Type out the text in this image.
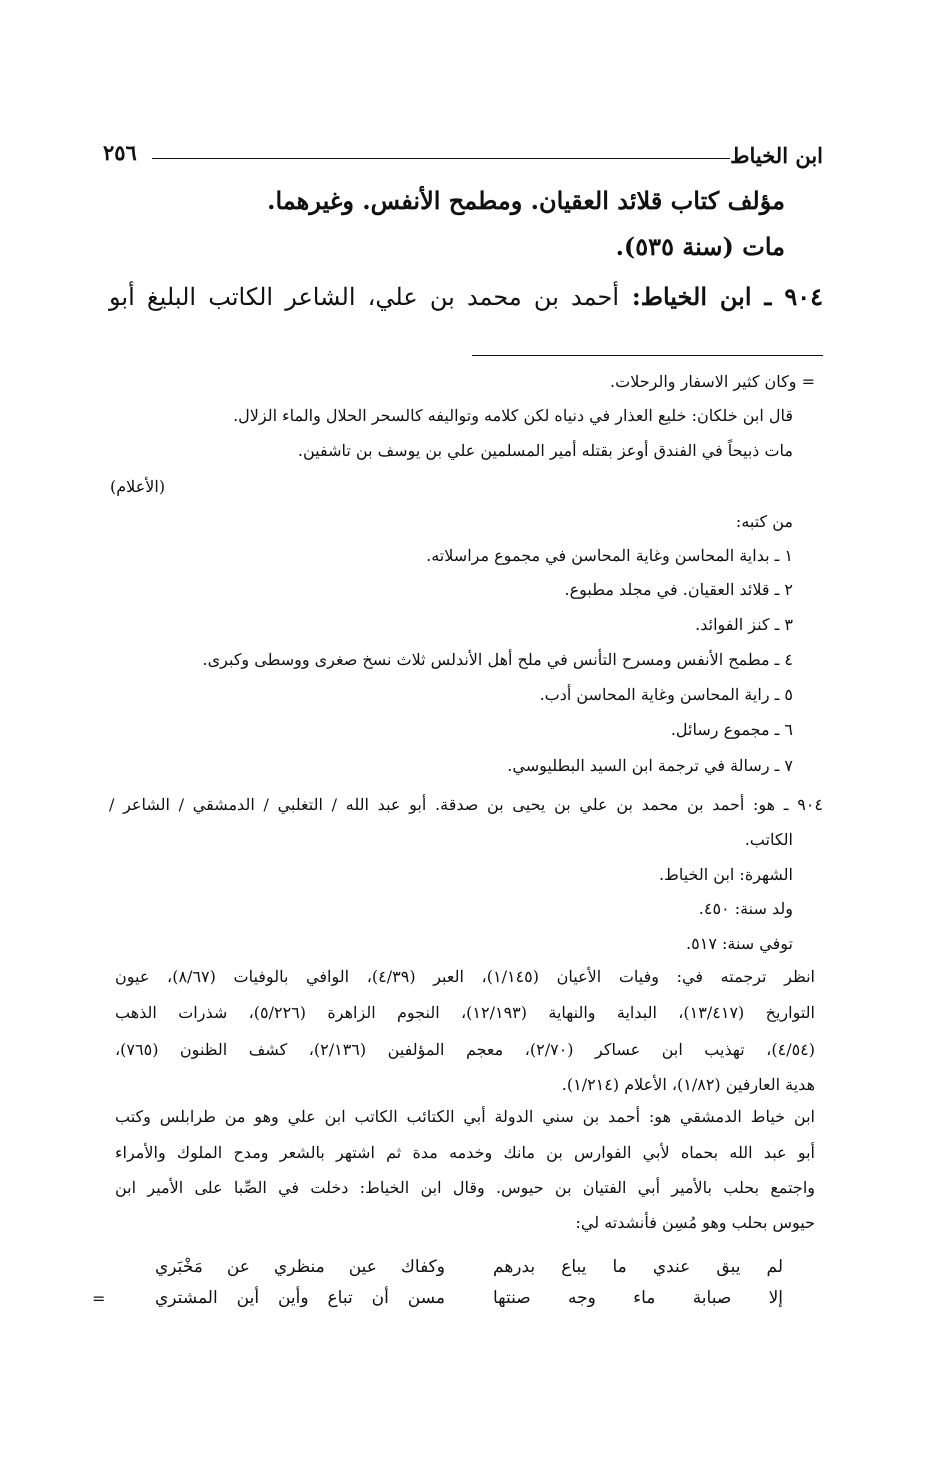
ابن الخياط
٢٥٦
مؤلف كتاب قلائد العقيان. ومطمح الأنفس. وغيرهما.
مات (سنة ٥٣٥).
٩٠٤ ـ ابن الخياط: أحمد بن محمد بن علي، الشاعر الكاتب البليغ أبو
= وكان كثير الاسفار والرحلات.
قال ابن خلكان: خليع العذار في دنياه لكن كلامه وتواليفه كالسحر الحلال والماء الزلال.
مات ذبيحاً في الفندق أوعز بقتله أمير المسلمين علي بن يوسف بن تاشفين.
(الأعلام)
من كتبه:
١ ـ بداية المحاسن وغاية المحاسن في مجموع مراسلاته.
٢ ـ قلائد العقيان. في مجلد مطبوع.
٣ ـ كنز الفوائد.
٤ ـ مطمح الأنفس ومسرح التأنس في ملح أهل الأندلس ثلاث نسخ صغرى ووسطى وكبرى.
٥ ـ راية المحاسن وغاية المحاسن أدب.
٦ ـ مجموع رسائل.
٧ ـ رسالة في ترجمة ابن السيد البطليوسي.
٩٠٤ ـ هو: أحمد بن محمد بن علي بن يحيى بن صدقة. أبو عبد الله / التغلبي / الدمشقي / الشاعر /
الكاتب.
الشهرة: ابن الخياط.
ولد سنة: ٤٥٠.
توفي سنة: ٥١٧.
انظر ترجمته في: وفيات الأعيان (١/١٤٥)، العبر (٤/٣٩)، الوافي بالوفيات (٨/٦٧)، عيون
التواريخ (١٣/٤١٧)، البداية والنهاية (١٢/١٩٣)، النجوم الزاهرة (٥/٢٢٦)، شذرات الذهب
(٤/٥٤)، تهذيب ابن عساكر (٢/٧٠)، معجم المؤلفين (٢/١٣٦)، كشف الظنون (٧٦٥)،
هدية العارفين (١/٨٢)، الأعلام (١/٢١٤).
ابن خياط الدمشقي هو: أحمد بن سني الدولة أبي الكتائب الكاتب ابن علي وهو من طرابلس وكتب
أبو عبد الله بحماه لأبي الفوارس بن مانك وخدمه مدة ثم اشتهر بالشعر ومدح الملوك والأمراء
واجتمع بحلب بالأمير أبي الفتيان بن حيوس. وقال ابن الخياط: دخلت في الصِّبا على الأمير ابن
حيوس بحلب وهو مُسِن فأنشدته لي:
لم يبق عندي ما يباع بدرهم
وكفاك عين منظري عن مَخْبَري
إلا صبابة ماء وجه صنتها
مسن أن تباع وأين أين المشتري
=
